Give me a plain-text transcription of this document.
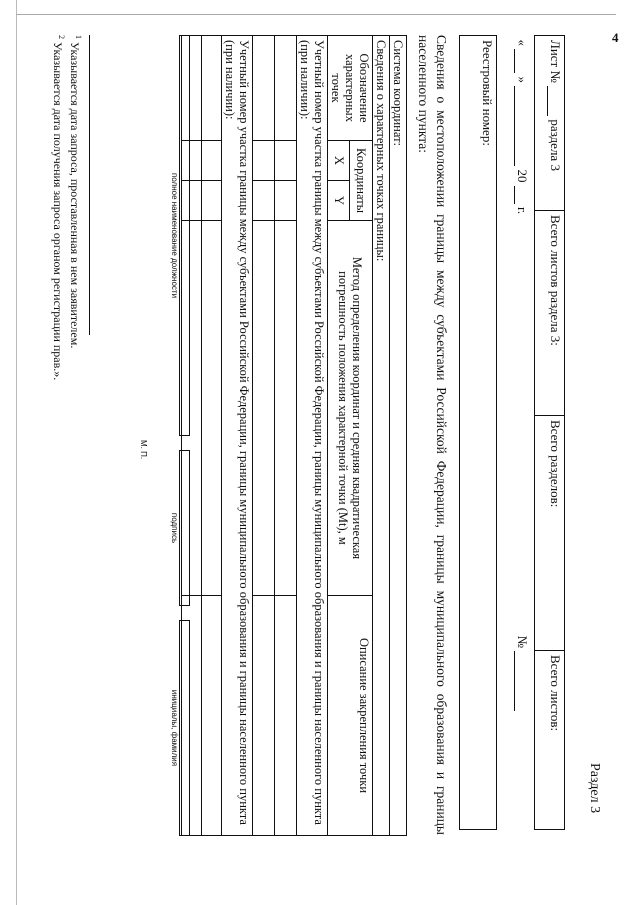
4
Раздел 3
Лист №  раздела 3	Всего листов раздела 3:	Всего разделов:	Всего листов:
«  »  20  г.  №
Реестровый номер:
Сведения о местоположении границы между субъектами Российской Федерации, границы муниципального образования и границы населенного пункта:
Система координат:				
Сведения о характерных точках границы:				
Обозначение характерных точек	Координаты		Метод определения координат и средняя квадратическая погрешность положения характерной точки (Mt), м	Описание закрепления точки
	X	Y		
Учетный номер участка границы между субъектами Российской Федерации, границы муниципального образования и границы населенного пункта (при наличии):				

Учетный номер участка границы между субъектами Российской Федерации, границы муниципального образования и границы населенного пункта (при наличии):				

полное наименование должности		подпись		инициалы, фамилия
М. П.
$^1$ Указывается дата запроса, проставленная в нем заявителем.
$^2$ Указывается дата получения запроса органом регистрации прав.».
